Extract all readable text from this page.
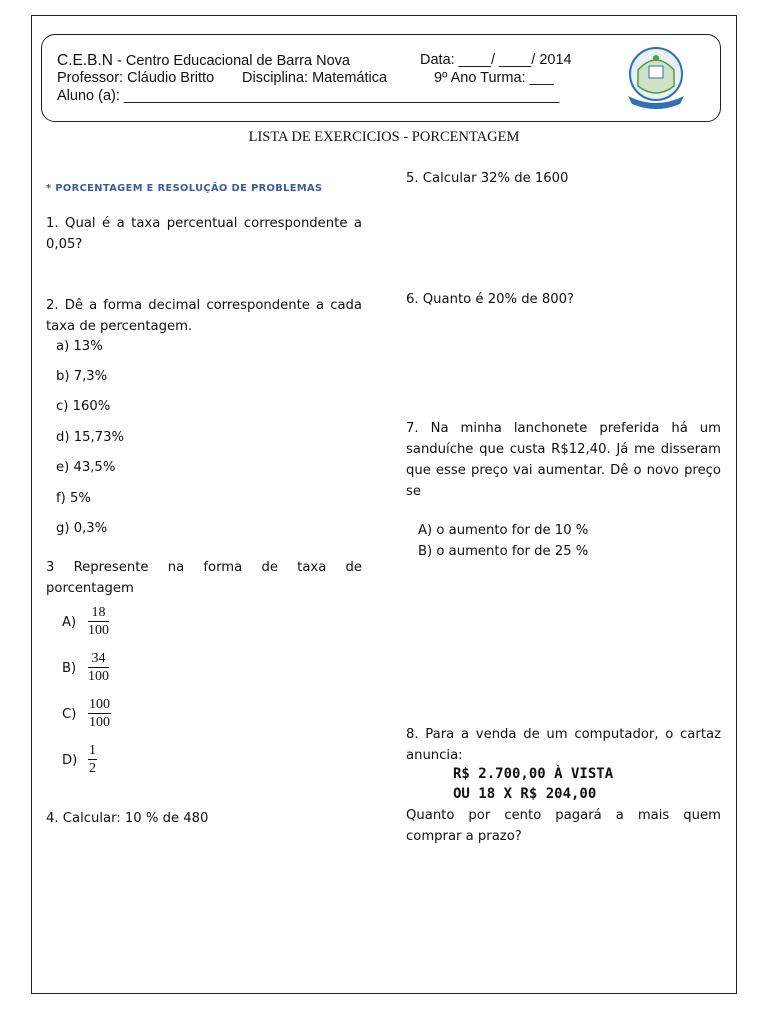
C.E.B.N - Centro Educacional de Barra Nova	Data: ____/ ____/ 2014
Professor: Cláudio Britto Disciplina: Matemática	9º Ano Turma: ___
Aluno (a): ______________________________________________________
LISTA DE EXERCICIOS - PORCENTAGEM
* PORCENTAGEM E RESOLUÇÃO DE PROBLEMAS
1. Qual é a taxa percentual correspondente a 0,05?
2. Dê a forma decimal correspondente a cada taxa de percentagem.
a) 13%
b) 7,3%
c) 160%
d) 15,73%
e) 43,5%
f) 5%
g) 0,3%
3 Represente na forma de taxa de porcentagem
$A) \frac{18}{100}$
$B) \frac{34}{100}$
$C) \frac{100}{100}$
$D) \frac{1}{2}$
4. Calcular: 10 % de 480
5. Calcular 32% de 1600
6. Quanto é 20% de 800?
7. Na minha lanchonete preferida há um sanduíche que custa R$12,40. Já me disseram que esse preço vai aumentar. Dê o novo preço se
A) o aumento for de 10 %
B) o aumento for de 25 %
8. Para a venda de um computador, o cartaz anuncia:
R$ 2.700,00 À VISTA
OU 18 X R$ 204,00
Quanto por cento pagará a mais quem comprar a prazo?
